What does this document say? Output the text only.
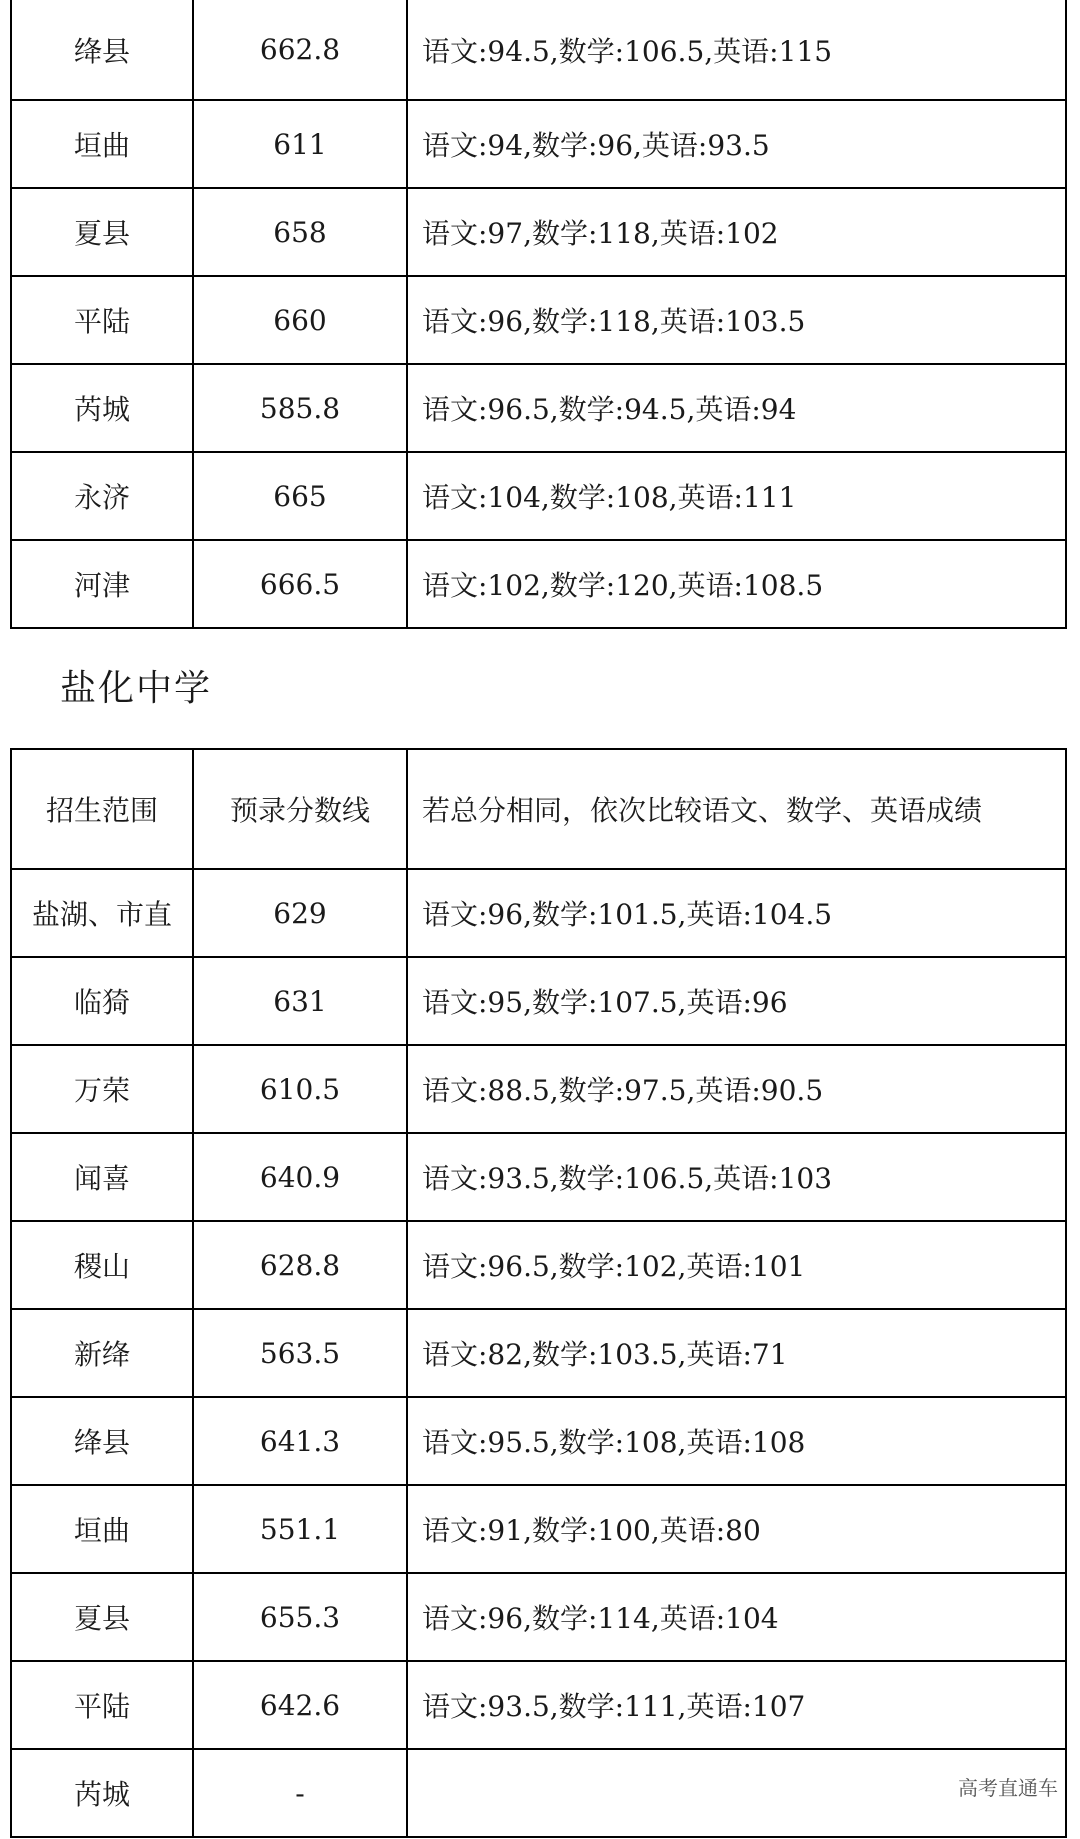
绛县	662.8	语文:94.5,数学:106.5,英语:115
垣曲	611	语文:94,数学:96,英语:93.5
夏县	658	语文:97,数学:118,英语:102
平陆	660	语文:96,数学:118,英语:103.5
芮城	585.8	语文:96.5,数学:94.5,英语:94
永济	665	语文:104,数学:108,英语:111
河津	666.5	语文:102,数学:120,英语:108.5
盐化中学
招生范围	预录分数线	若总分相同，依次比较语文、数学、英语成绩
盐湖、市直	629	语文:96,数学:101.5,英语:104.5
临猗	631	语文:95,数学:107.5,英语:96
万荣	610.5	语文:88.5,数学:97.5,英语:90.5
闻喜	640.9	语文:93.5,数学:106.5,英语:103
稷山	628.8	语文:96.5,数学:102,英语:101
新绛	563.5	语文:82,数学:103.5,英语:71
绛县	641.3	语文:95.5,数学:108,英语:108
垣曲	551.1	语文:91,数学:100,英语:80
夏县	655.3	语文:96,数学:114,英语:104
平陆	642.6	语文:93.5,数学:111,英语:107
芮城	-		高考直通车
